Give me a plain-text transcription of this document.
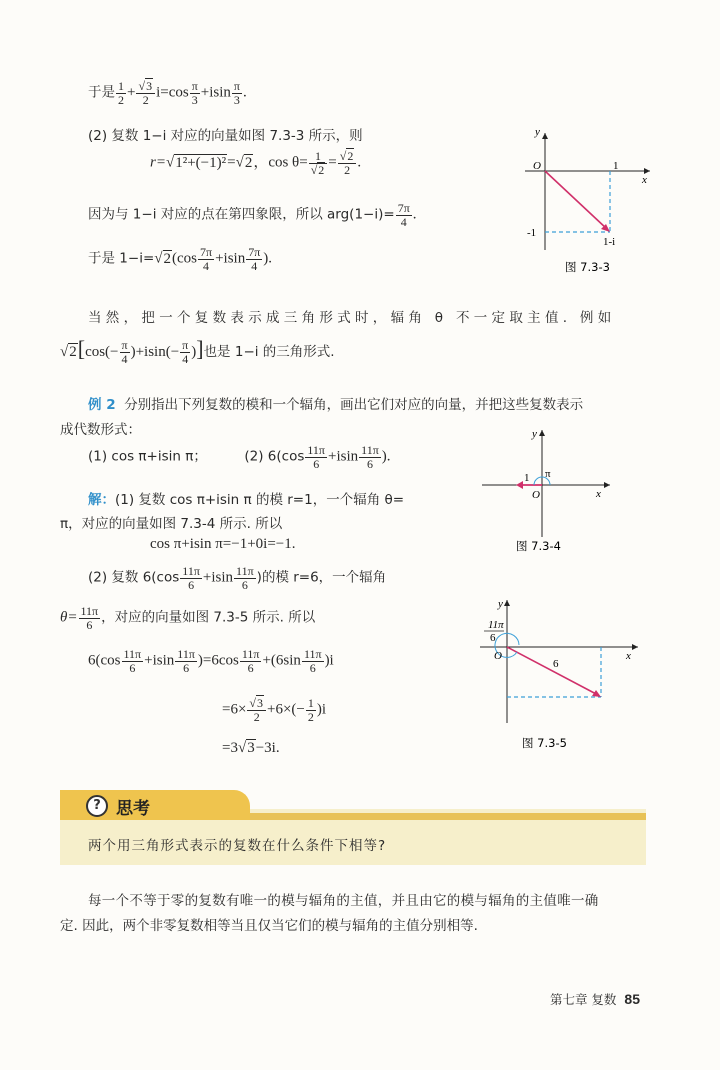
于是 $\frac{1}{2} + \frac{√3}{2} i=\cos \frac{\pi}{3} +isin \frac{\pi}{3}$ .
(2) 复数 1−i 对应的向量如图 7.3-3 所示，则
r=√1²+(−1)²=√2，$\cos \theta= \frac{1}{√2} = \frac{√2}{2}$ .
因为与 1−i 对应的点在第四象限，所以 $arg(1-i)= \frac{7\pi}{4}$ .
于是 $1-i=√2(\cos \frac{7\pi}{4} +isin \frac{7\pi}{4}$ ).
O	1
x
y
-1
1-i
图 7.3-3
当然，把一个复数表示成三角形式时，辐角 θ 不一定取主值. 例如
$√2[\cos(- \frac{\pi}{4} )+isin(- \frac{\pi}{4}$ )]也是 1−i 的三角形式.
例 2 分别指出下列复数的模和一个辐角，画出它们对应的向量，并把这些复数表示
成代数形式：
(1) cos π+isin π；	(2) $6(\cos \frac{11\pi}{6} +isin \frac{11\pi}{6}$ ).
解：(1) 复数 cos π+isin π 的模 r=1，一个辐角 θ=
π，对应的向量如图 7.3-4 所示. 所以
cos π+isin π=−1+0i=−1.
π
1
O	x
y
图 7.3-4
(2) 复数 $6(\cos \frac{11\pi}{6} +isin \frac{11\pi}{6}$ )的模 r=6，一个辐角
$\theta= \frac{11\pi}{6}$ ，对应的向量如图 7.3-5 所示. 所以
$6(\cos \frac{11\pi}{6} +isin \frac{11\pi}{6} )=6\cos \frac{11\pi}{6} +(6\sin \frac{11\pi}{6} )i$
$=6\times \frac{√3}{2} +6\times(- \frac{1}{2} )i$
=3√3−3i.
11π
6
O
6
x
y
图 7.3-5
? 思考
两个用三角形式表示的复数在什么条件下相等?
每一个不等于零的复数有唯一的模与辐角的主值，并且由它的模与辐角的主值唯一确
定. 因此，两个非零复数相等当且仅当它们的模与辐角的主值分别相等.
第七章 复数 85
